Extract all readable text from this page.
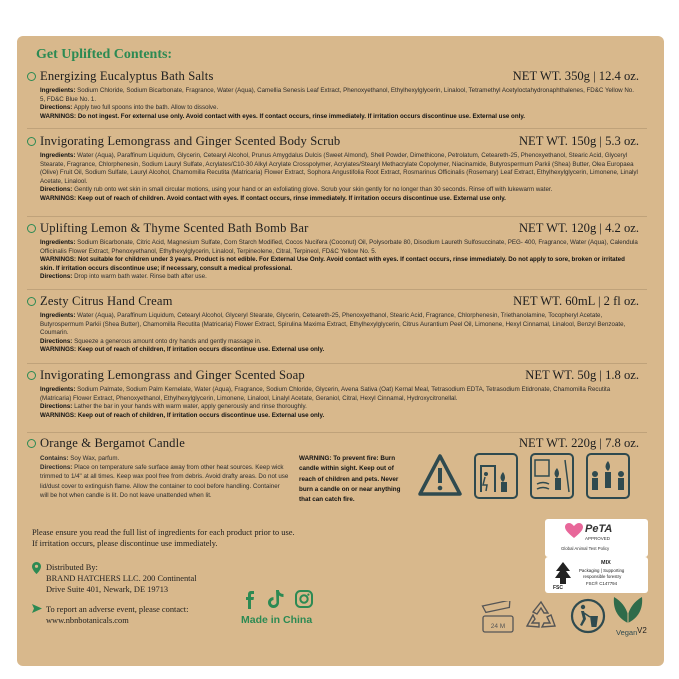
Get Uplifted Contents:
Energizing Eucalyptus Bath Salts	NET WT. 350g | 12.4 oz.

Ingredients: Sodium Chloride, Sodium Bicarbonate, Fragrance, Water (Aqua), Camellia Senesis Leaf Extract, Phenoxyethanol, Ethylhexylglycerin, Linalool, Tetramethyl Acetyloctahydronaphthalenes, FD&C Yellow No. 5, FD&C Blue No. 1.

Directions: Apply two full spoons into the bath. Allow to dissolve.

WARNINGS: Do not ingest. For external use only. Avoid contact with eyes. If contact occurs, rinse immediately. If irritation occurs discontinue use. External use only.

Invigorating Lemongrass and Ginger Scented Body Scrub	NET WT. 150g | 5.3 oz.

Ingredients: Water (Aqua), Paraffinum Liquidum, Glycerin, Cetearyl Alcohol, Prunus Amygdalus Dulcis (Sweet Almond), Shell Powder, Dimethicone, Petrolatum, Ceteareth-25, Phenoxyethanol, Stearic Acid, Glyceryl Stearate, Fragrance, Chlorphenesin, Sodium Lauryl Sulfate, Acrylates/C10-30 Alkyl Acrylate Crosspolymer, Acrylates/Stearyl Methacrylate Copolymer, Niacinamide, Butyrospermum Parkii (Shea) Butter, Olea Europaea (Olive) Fruit Oil, Sodium Sulfate, Lauryl Alcohol, Chamomilla Recutita (Matricaria) Flower Extract, Sophora Angustifolia Root Extract, Rosmarinus Officinalis (Rosemary) Leaf Extract, Ethylhexylglycerin, Limonene, Linalyl Acetate, Linalool.

Directions: Gently rub onto wet skin in small circular motions, using your hand or an exfoliating glove. Scrub your skin gently for no longer than 30 seconds. Rinse off with lukewarm water.

WARNINGS: Keep out of reach of children. Avoid contact with eyes. If contact occurs, rinse immediately. If irritation occurs discontinue use. External use only.

Uplifting Lemon & Thyme Scented Bath Bomb Bar	NET WT. 120g | 4.2 oz.

Ingredients: Sodium Bicarbonate, Citric Acid, Magnesium Sulfate, Corn Starch Modified, Cocos Nucifera (Coconut) Oil, Polysorbate 80, Disodium Laureth Sulfosuccinate, PEG- 400, Fragrance, Water (Aqua), Calendula Officinalis Flower Extract, Phenoxyethanol, Ethylhexylglycerin, Linalool, Terpineolene, Citral, Terpineol, FD&C Yellow No. 5.

WARNINGS: Not suitable for children under 3 years. Product is not edible. For External Use Only. Avoid contact with eyes. If contact occurs, rinse immediately. Do not apply to sore, broken or irritated skin. If irritation occurs discontinue use; if necessary, consult a medical professional.

Directions: Drop into warm bath water. Rinse bath after use.

Zesty Citrus Hand Cream	NET WT. 60mL | 2 fl oz.

Ingredients: Water (Aqua), Paraffinum Liquidum, Cetearyl Alcohol, Glyceryl Stearate, Glycerin, Ceteareth-25, Phenoxyethanol, Stearic Acid, Fragrance, Chlorphenesin, Triethanolamine, Tocopheryl Acetate, Butyrospermum Parkii (Shea Butter), Chamomilla Recutita (Matricaria) Flower Extract, Spirulina Maxima Extract, Ethylhexylglycerin, Citrus Aurantium Peel Oil, Limonene, Hexyl Cinnamal, Linalool, Benzyl Benzoate, Coumarin.

Directions: Squeeze a generous amount onto dry hands and gently massage in.

WARNINGS: Keep out of reach of children, If irritation occurs discontinue use. External use only.

Invigorating Lemongrass and Ginger Scented Soap	NET WT. 50g | 1.8 oz.

Ingredients: Sodium Palmate, Sodium Palm Kernelate, Water (Aqua), Fragrance, Sodium Chloride, Glycerin, Avena Sativa (Oat) Kernal Meal, Tetrasodium EDTA, Tetrasodium Etidronate, Chamomilla Recutita (Matricaria) Flower Extract, Phenoxyethanol, Ethylhexylglycerin, Limonene, Linalool, Linalyl Acetate, Geraniol, Citral, Hexyl Cinnamal, Hydroxycitronellal.

Directions: Lather the bar in your hands with warm water, apply generously and rinse thoroughly.

WARNINGS: Keep out of reach of children, If irritation occurs discontinue use. External use only.

Orange & Bergamot Candle	NET WT. 220g | 7.8 oz.
Contains: Soy Wax, parfum.
Directions: Place on temperature safe surface away from other heat sources. Keep wick trimmed to 1/4" at all times. Keep wax pool free from debris. Avoid drafty areas. Do not use lid/dust cover to extinguish flame. Allow the container to cool before handling. Container will be hot when candle is lit. Do not leave unattended when lit.
WARNING: To prevent fire: Burn candle within sight. Keep out of reach of children and pets. Never burn a candle on or near anything that can catch fire.
Please ensure you read the full list of ingredients for each product prior to use. If irritation occurs, please discontinue use immediately.
Distributed By:
BRAND HATCHERS LLC. 200 Continental
Drive Suite 401, Newark, DE 19713
To report an adverse event, please contact:
www.nbnbotanicals.com	Made in China
PeTA
APPROVED
Global Animal Test Policy
FSC
MIX
Packaging | Supporting
responsible forestry
FSC® C147794
24 M
Vegan V2
